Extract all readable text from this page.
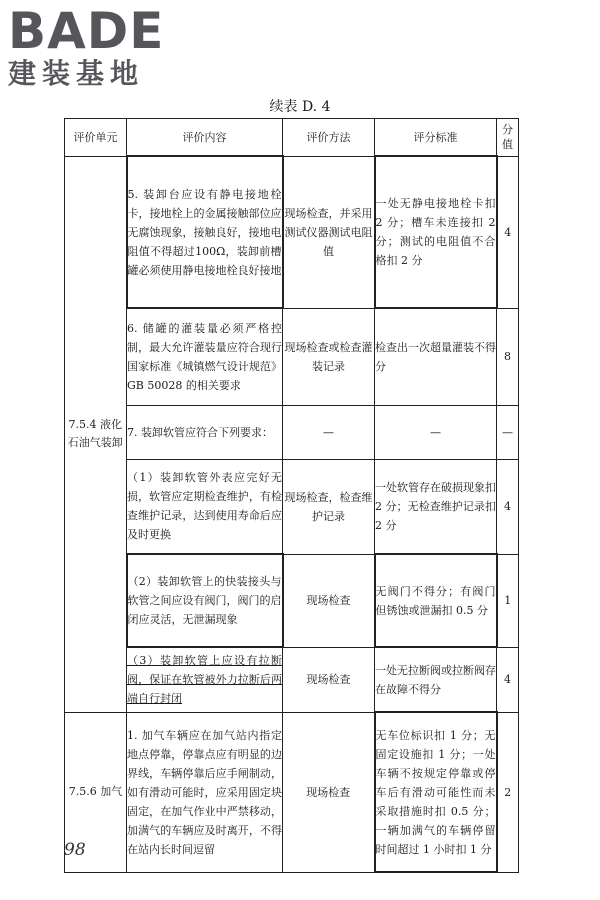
BADE
建装基地
续表 D. 4
评价单元	评价内容	评价方法	评分标准	分值
7.5.4 液化石油气装卸	5. 装卸台应设有静电接地栓卡，接地栓上的金属接触部位应无腐蚀现象，接触良好，接地电阻值不得超过100Ω，装卸前槽罐必须使用静电接地栓良好接地	现场检查，并采用测试仪器测试电阻值	一处无静电接地栓卡扣 2 分；槽车未连接扣 2 分；测试的电阻值不合格扣 2 分	4
	6. 储罐的灌装量必须严格控制，最大允许灌装量应符合现行国家标准《城镇燃气设计规范》GB 50028 的相关要求	现场检查或检查灌装记录	检查出一次超量灌装不得分	8
	7. 装卸软管应符合下列要求：	—	—	—
	（1）装卸软管外表应完好无损，软管应定期检查维护，有检查维护记录，达到使用寿命后应及时更换	现场检查，检查维护记录	一处软管存在破损现象扣 2 分；无检查维护记录扣 2 分	4
	（2）装卸软管上的快装接头与软管之间应设有阀门，阀门的启闭应灵活，无泄漏现象	现场检查	无阀门不得分；有阀门但锈蚀或泄漏扣 0.5 分	1
	（3）装卸软管上应设有拉断阀，保证在软管被外力拉断后两端自行封闭	现场检查	一处无拉断阀或拉断阀存在故障不得分	4
7.5.6 加气	1. 加气车辆应在加气站内指定地点停靠，停靠点应有明显的边界线，车辆停靠后应手闸制动，如有滑动可能时，应采用固定块固定，在加气作业中严禁移动，加满气的车辆应及时离开，不得在站内长时间逗留	现场检查	无车位标识扣 1 分；无固定设施扣 1 分；一处车辆不按规定停靠或停车后有滑动可能性而未采取措施时扣 0.5 分；一辆加满气的车辆停留时间超过 1 小时扣 1 分	2
98
